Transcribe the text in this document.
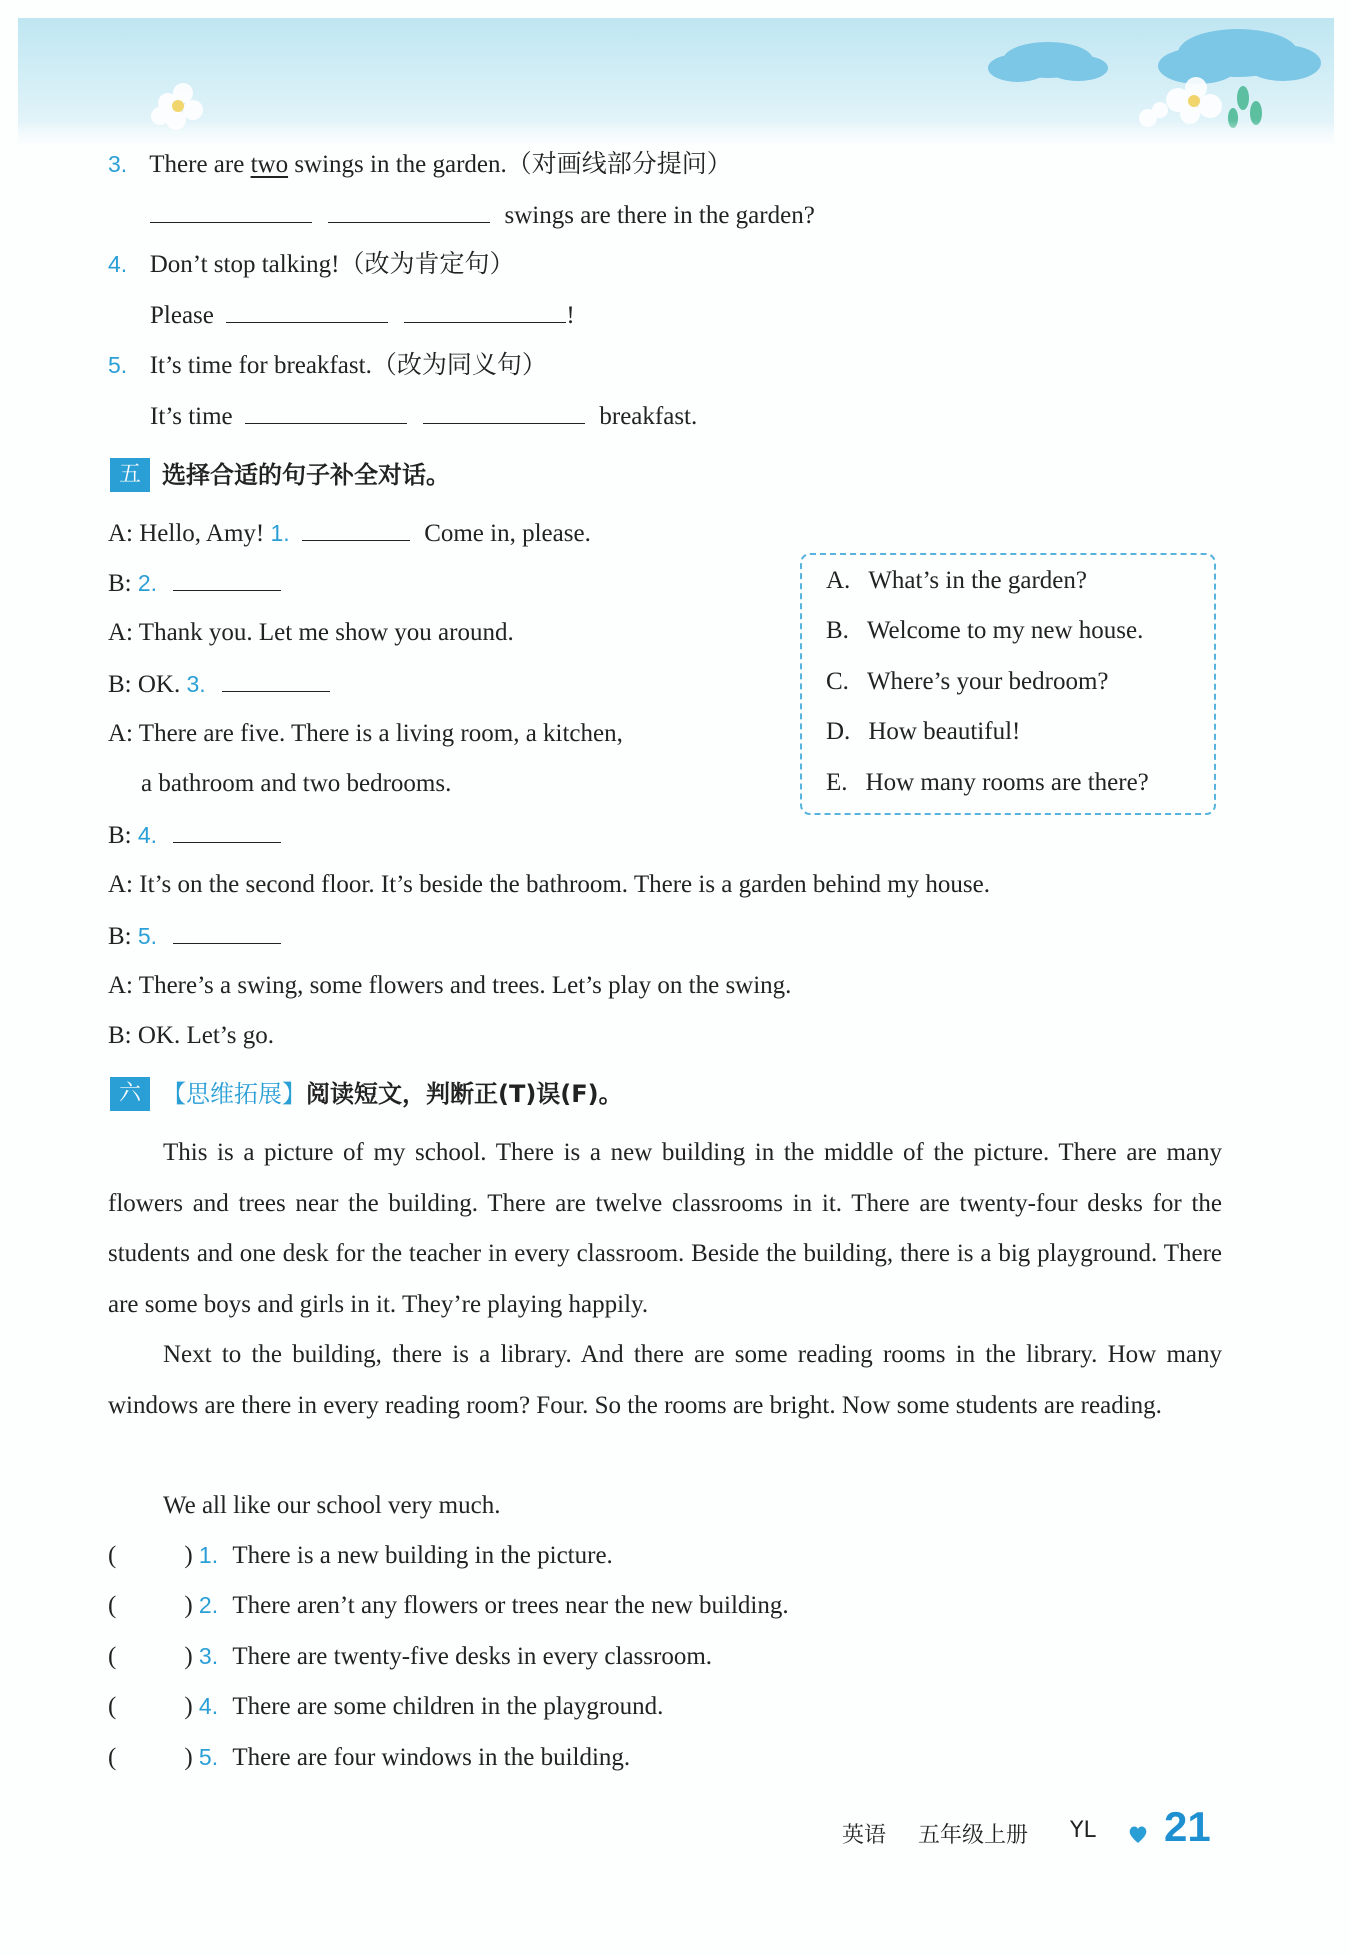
3. There are two swings in the garden.（对画线部分提问）
swings are there in the garden?
4. Don’t stop talking!（改为肯定句）
Please	!
5. It’s time for breakfast.（改为同义句）
It’s time	breakfast.
五 选择合适的句子补全对话。
A: Hello, Amy! 1.	Come in, please.
B: 2.
A: Thank you. Let me show you around.
B: OK. 3.
A: There are five. There is a living room, a kitchen,
a bathroom and two bedrooms.
B: 4.
A: It’s on the second floor. It’s beside the bathroom. There is a garden behind my house.
B: 5.
A: There’s a swing, some flowers and trees. Let’s play on the swing.
B: OK. Let’s go.
A. What’s in the garden?
B. Welcome to my new house.
C. Where’s your bedroom?
D. How beautiful!
E. How many rooms are there?
六 【思维拓展】阅读短文，判断正(T)误(F)。
This is a picture of my school. There is a new building in the middle of the picture. There are many flowers and trees near the building. There are twelve classrooms in it. There are twenty-four desks for the students and one desk for the teacher in every classroom. Beside the building, there is a big playground. There are some boys and girls in it. They’re playing happily.
Next to the building, there is a library. And there are some reading rooms in the library. How many windows are there in every reading room? Four. So the rooms are bright. Now some students are reading.
We all like our school very much.
(	) 1. There is a new building in the picture.
(	) 2. There aren’t any flowers or trees near the new building.
(	) 3. There are twenty-five desks in every classroom.
(	) 4. There are some children in the playground.
(	) 5. There are four windows in the building.
英语 五年级上册 YL 21
